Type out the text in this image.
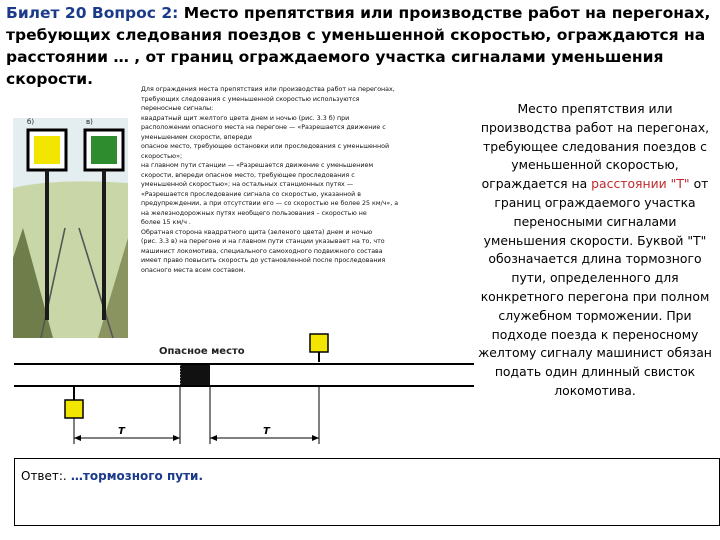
Билет 20 Вопрос 2: Место препятствия или производстве работ на перегонах, требующих следования поездов с уменьшенной скоростью, ограждаются на расстоянии … , от границ ограждаемого участка сигналами уменьшения скорости.
б)	в)
Для ограждения места препятствия или производства работ на перегонах,
требующих следования с уменьшенной скоростью используются
переносные сигналы:
квадратный щит желтого цвета днем и ночью (рис. 3.3 б) при
расположении опасного места на перегоне — «Разрешается движение с
уменьшением скорости, впереди
опасное место, требующее остановки или проследования с уменьшенной
скоростью»;
на главном пути станции — «Разрешается движение с уменьшением
скорости, впереди опасное место, требующее проследования с
уменьшенной скоростью»; на остальных станционных путях —
«Разрешается проследование сигнала со скоростью, указанной в
предупреждении, а при отсутствии его — со скоростью не более 25 км/ч», а
на железнодорожных путях необщего пользования – скоростью не
более 15 км/ч .
Обратная сторона квадратного щита (зеленого цвета) днем и ночью
(рис. 3.3 в) на перегоне и на главном пути станции указывает на то, что
машинист локомотива, специального самоходного подвижного состава
имеет право повысить скорость до установленной после проследования
опасного места всем составом.
Место препятствия или производства работ на перегонах, требующее следования поездов с уменьшенной скоростью, ограждается на расстоянии "Т" от границ ограждаемого участка переносными сигналами уменьшения скорости. Буквой "Т" обозначается длина тормозного пути, определенного для конкретного перегона при полном служебном торможении. При подходе поезда к переносному желтому сигналу машинист обязан подать один длинный свисток локомотива.
Опасное место
Т	Т
Ответ:. …тормозного пути.
